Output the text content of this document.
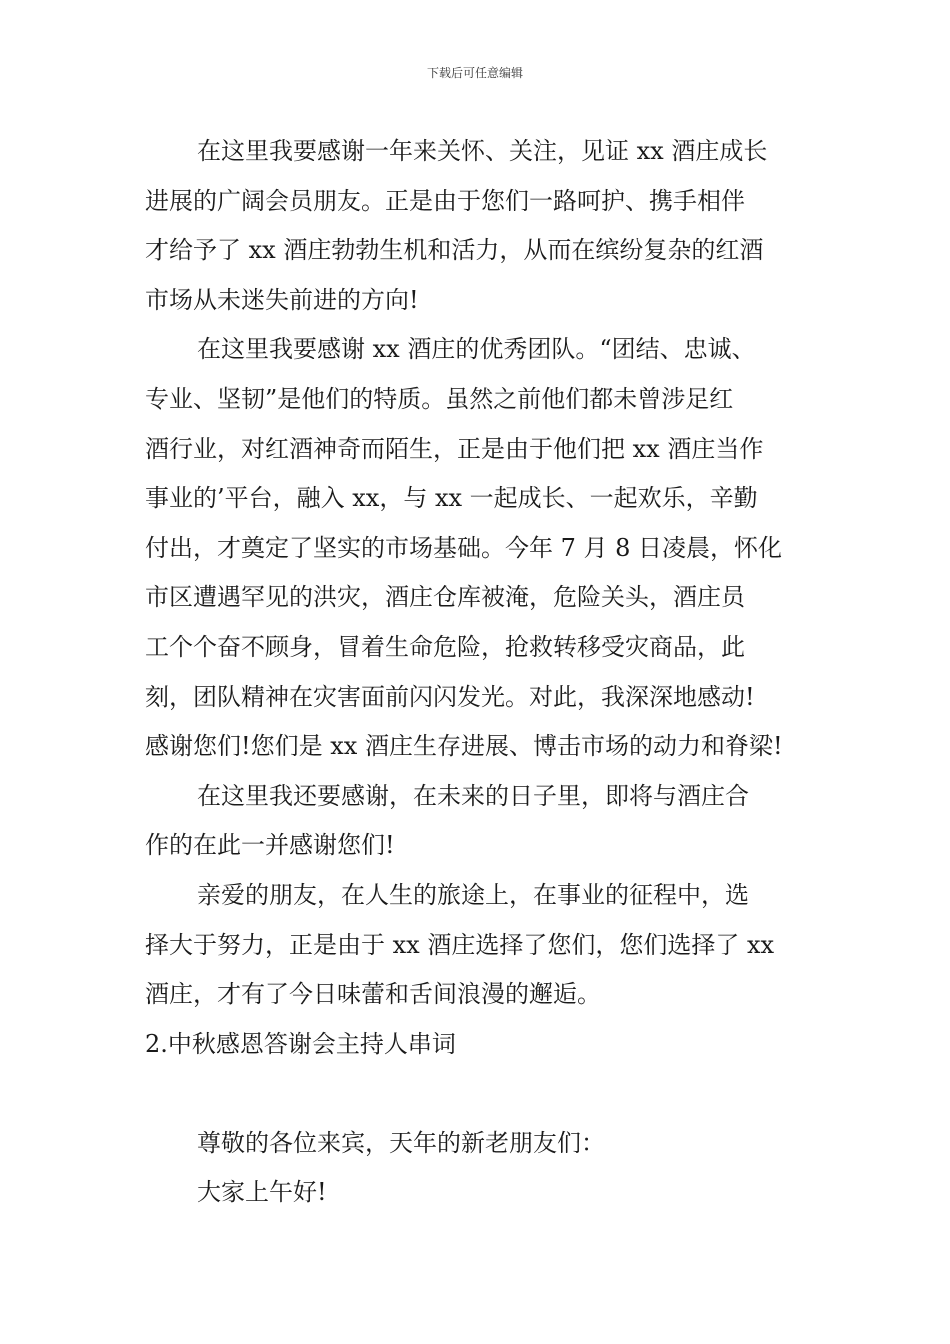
下载后可任意编辑
在这里我要感谢一年来关怀、关注，见证 xx 酒庄成长
进展的广阔会员朋友。正是由于您们一路呵护、携手相伴
才给予了 xx 酒庄勃勃生机和活力，从而在缤纷复杂的红酒
市场从未迷失前进的方向!
在这里我要感谢 xx 酒庄的优秀团队。“团结、忠诚、
专业、坚韧”是他们的特质。虽然之前他们都未曾涉足红
酒行业，对红酒神奇而陌生，正是由于他们把 xx 酒庄当作
事业的’平台，融入 xx，与 xx 一起成长、一起欢乐，辛勤
付出，才奠定了坚实的市场基础。今年 7 月 8 日凌晨，怀化
市区遭遇罕见的洪灾，酒庄仓库被淹，危险关头，酒庄员
工个个奋不顾身，冒着生命危险，抢救转移受灾商品，此
刻，团队精神在灾害面前闪闪发光。对此，我深深地感动!
感谢您们!您们是 xx 酒庄生存进展、博击市场的动力和脊梁!
在这里我还要感谢，在未来的日子里，即将与酒庄合
作的在此一并感谢您们!
亲爱的朋友，在人生的旅途上，在事业的征程中，选
择大于努力，正是由于 xx 酒庄选择了您们，您们选择了 xx
酒庄，才有了今日味蕾和舌间浪漫的邂逅。
2.中秋感恩答谢会主持人串词
尊敬的各位来宾，天年的新老朋友们：
大家上午好!
